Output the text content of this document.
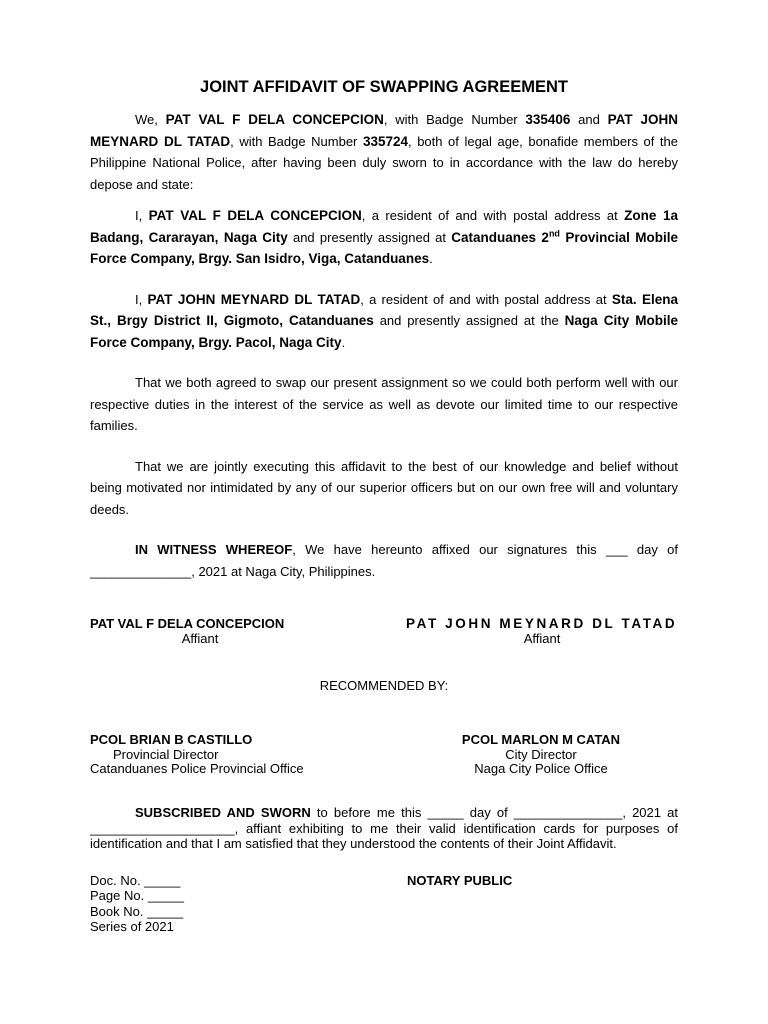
JOINT AFFIDAVIT OF SWAPPING AGREEMENT

We, PAT VAL F DELA CONCEPCION, with Badge Number 335406 and PAT JOHN MEYNARD DL TATAD, with Badge Number 335724, both of legal age, bonafide members of the Philippine National Police, after having been duly sworn to in accordance with the law do hereby depose and state:

I, PAT VAL F DELA CONCEPCION, a resident of and with postal address at Zone 1a Badang, Cararayan, Naga City and presently assigned at Catanduanes 2nd Provincial Mobile Force Company, Brgy. San Isidro, Viga, Catanduanes.

I, PAT JOHN MEYNARD DL TATAD, a resident of and with postal address at Sta. Elena St., Brgy District II, Gigmoto, Catanduanes and presently assigned at the Naga City Mobile Force Company, Brgy. Pacol, Naga City.

That we both agreed to swap our present assignment so we could both perform well with our respective duties in the interest of the service as well as devote our limited time to our respective families.

That we are jointly executing this affidavit to the best of our knowledge and belief without being motivated nor intimidated by any of our superior officers but on our own free will and voluntary deeds.

IN WITNESS WHEREOF, We have hereunto affixed our signatures this ___ day of ______________, 2021 at Naga City, Philippines.

PAT VAL F DELA CONCEPCION
Affiant
PAT JOHN MEYNARD DL TATAD
Affiant
RECOMMENDED BY:
PCOL BRIAN B CASTILLO
Provincial Director
Catanduanes Police Provincial Office
PCOL MARLON M CATAN
City Director
Naga City Police Office
SUBSCRIBED AND SWORN to before me this _____ day of _______________, 2021 at ____________________, affiant exhibiting to me their valid identification cards for purposes of identification and that I am satisfied that they understood the contents of their Joint Affidavit.
Doc. No. _____
Page No. _____
Book No. _____
Series of 2021
NOTARY PUBLIC
